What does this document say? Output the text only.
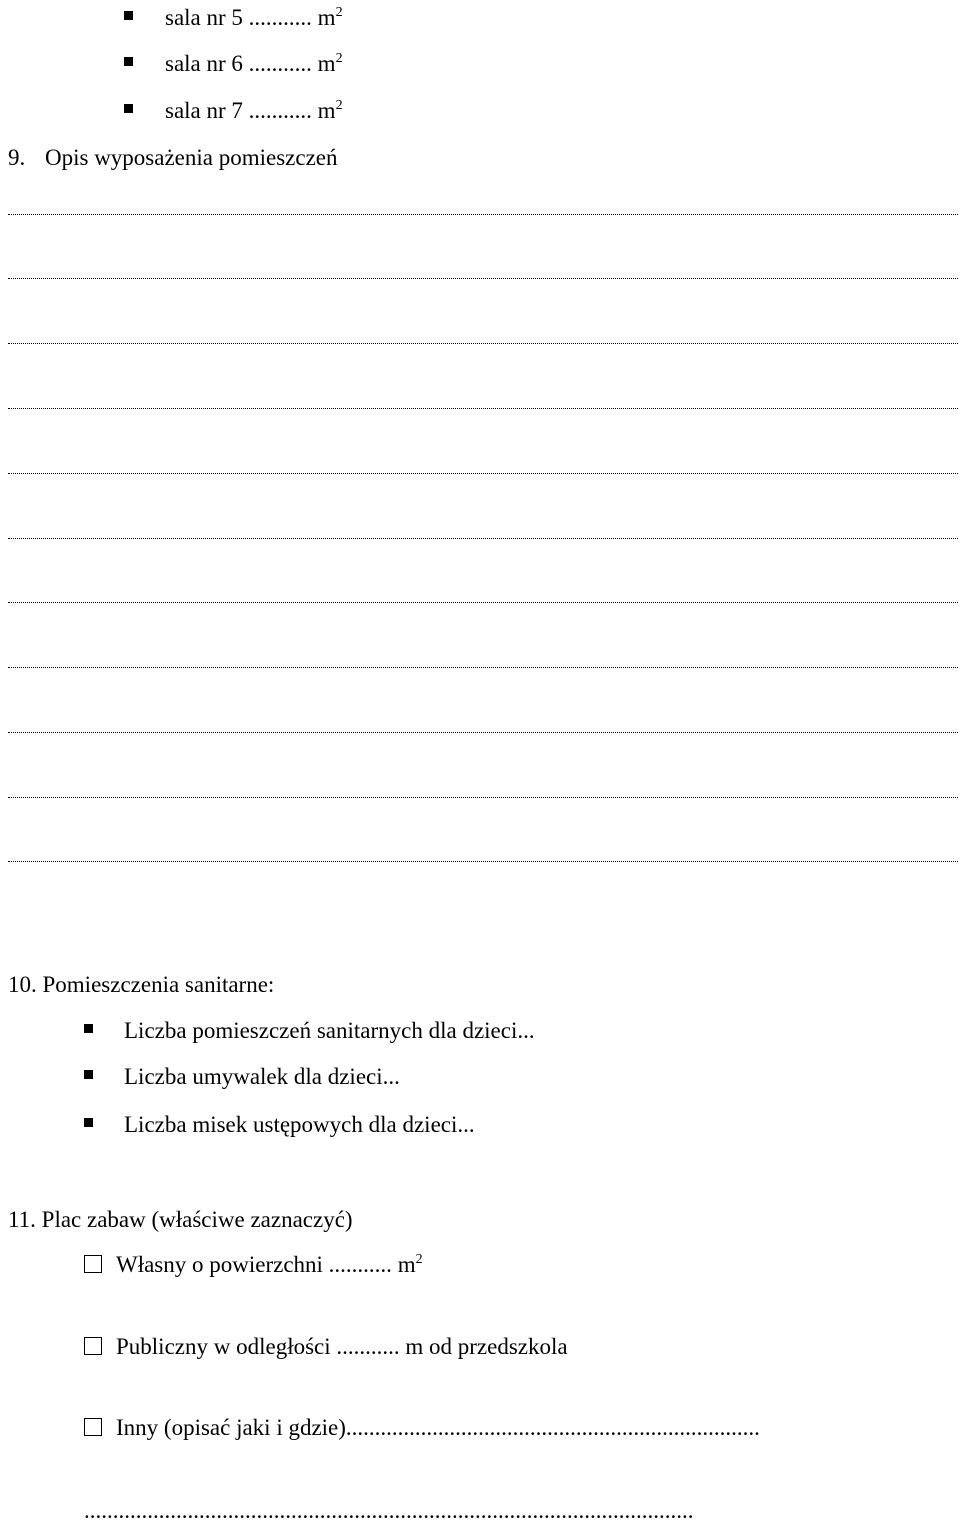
sala nr 5 ........... $m^2$
sala nr 6 ........... $m^2$
sala nr 7 ........... $m^2$
9. Opis wyposażenia pomieszczeń
10. Pomieszczenia sanitarne:
Liczba pomieszczeń sanitarnych dla dzieci...
Liczba umywalek dla dzieci...
Liczba misek ustępowych dla dzieci...
11. Plac zabaw (właściwe zaznaczyć)
Własny o powierzchni ........... $m^2$
Publiczny w odległości ........... m od przedszkola
Inny (opisać jaki i gdzie)........................................................................
..........................................................................................................
